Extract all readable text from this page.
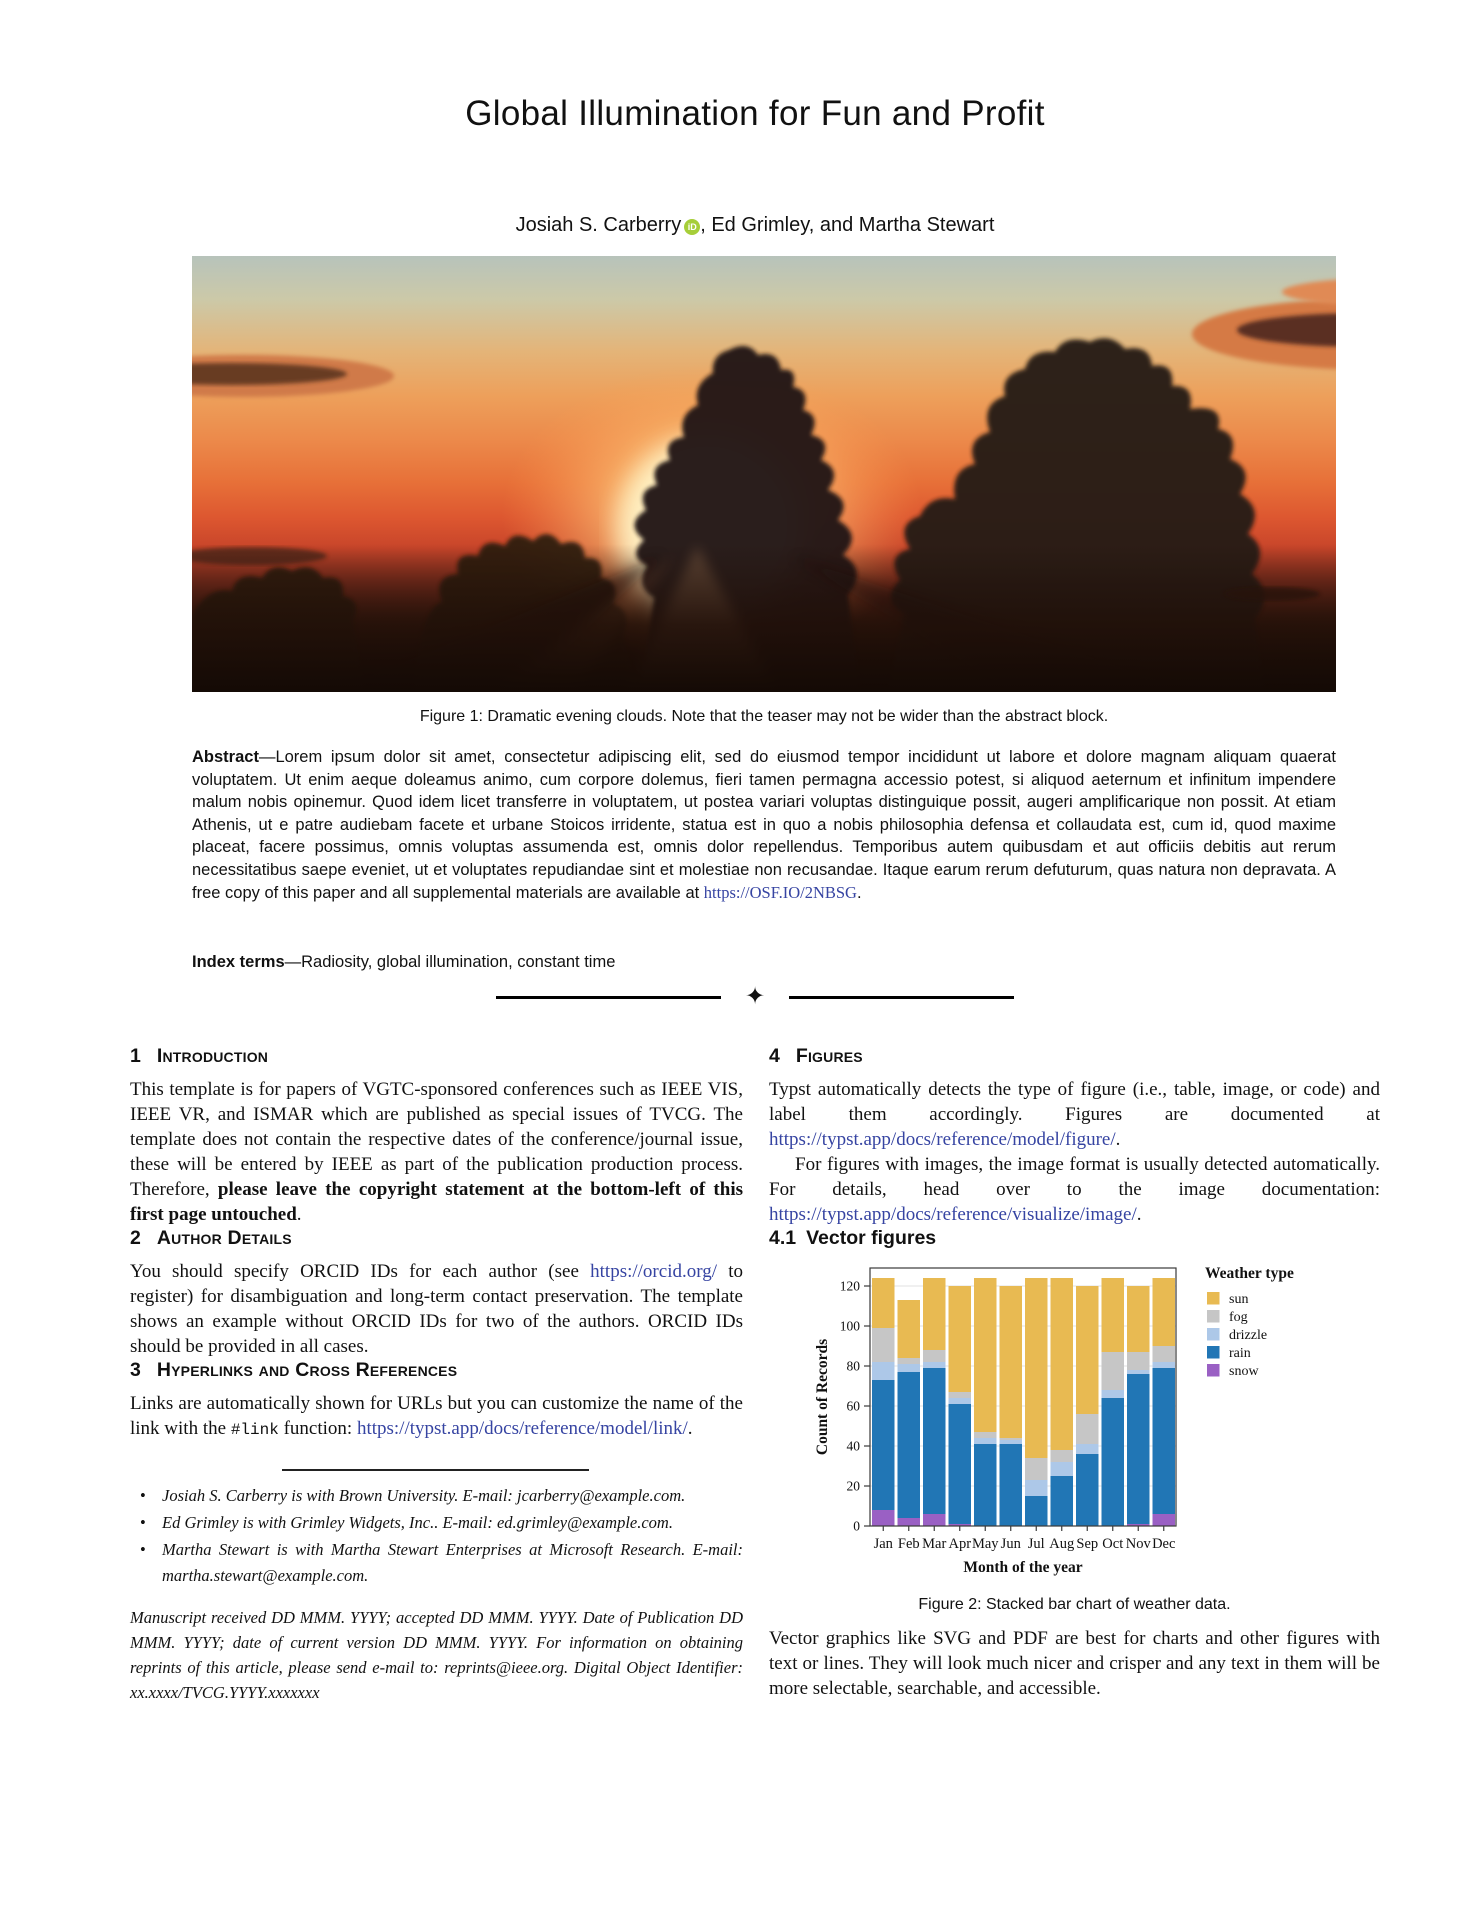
Global Illumination for Fun and Profit
Josiah S. Carberry iD , Ed Grimley, and Martha Stewart
Figure 1: Dramatic evening clouds. Note that the teaser may not be wider than the abstract block.
Abstract—Lorem ipsum dolor sit amet, consectetur adipiscing elit, sed do eiusmod tempor incididunt ut labore et dolore magnam aliquam quaerat voluptatem. Ut enim aeque doleamus animo, cum corpore dolemus, fieri tamen permagna accessio potest, si aliquod aeternum et infinitum impendere malum nobis opinemur. Quod idem licet transferre in voluptatem, ut postea variari voluptas distinguique possit, augeri amplificarique non possit. At etiam Athenis, ut e patre audiebam facete et urbane Stoicos irridente, statua est in quo a nobis philosophia defensa et collaudata est, cum id, quod maxime placeat, facere possimus, omnis voluptas assumenda est, omnis dolor repellendus. Temporibus autem quibusdam et aut officiis debitis aut rerum necessitatibus saepe eveniet, ut et voluptates repudiandae sint et molestiae non recusandae. Itaque earum rerum defuturum, quas natura non depravata. A free copy of this paper and all supplemental materials are available at https://OSF.IO/2NBSG.
Index terms—Radiosity, global illumination, constant time
✦
1 Introduction

This template is for papers of VGTC-sponsored conferences such as IEEE VIS, IEEE VR, and ISMAR which are published as special issues of TVCG. The template does not contain the respective dates of the conference/journal issue, these will be entered by IEEE as part of the publication production process. Therefore, please leave the copyright statement at the bottom-left of this first page untouched.

2 Author Details

You should specify ORCID IDs for each author (see https://orcid.org/ to register) for disambiguation and long-term contact preservation. The template shows an example without ORCID IDs for two of the authors. ORCID IDs should be provided in all cases.

3 Hyperlinks and Cross References

Links are automatically shown for URLs but you can customize the name of the link with the #link function: https://typst.app/docs/reference/model/link/.

• Josiah S. Carberry is with Brown University. E-mail: jcarberry@example.com.
• Ed Grimley is with Grimley Widgets, Inc.. E-mail: ed.grimley@example.com.
• Martha Stewart is with Martha Stewart Enterprises at Microsoft Research. E-mail: martha.stewart@example.com.

Manuscript received DD MMM. YYYY; accepted DD MMM. YYYY. Date of Publication DD MMM. YYYY; date of current version DD MMM. YYYY. For information on obtaining reprints of this article, please send e-mail to: reprints@ieee.org. Digital Object Identifier: xx.xxxx/TVCG.YYYY.xxxxxxx

4 Figures

Typst automatically detects the type of figure (i.e., table, image, or code) and label them accordingly. Figures are documented at https://typst.app/docs/reference/model/figure/.

For figures with images, the image format is usually detected automatically. For details, head over to the image documentation: https://typst.app/docs/reference/visualize/image/.

4.1 Vector figures
0
20
40
60
80
100
120
Jan Feb Mar Apr May Jun Jul Aug Sep Oct Nov Dec
Month of the year
Count of Records
Weather type
sun
fog
drizzle
rain
snow
Figure 2: Stacked bar chart of weather data.

Vector graphics like SVG and PDF are best for charts and other figures with text or lines. They will look much nicer and crisper and any text in them will be more selectable, searchable, and accessible.
